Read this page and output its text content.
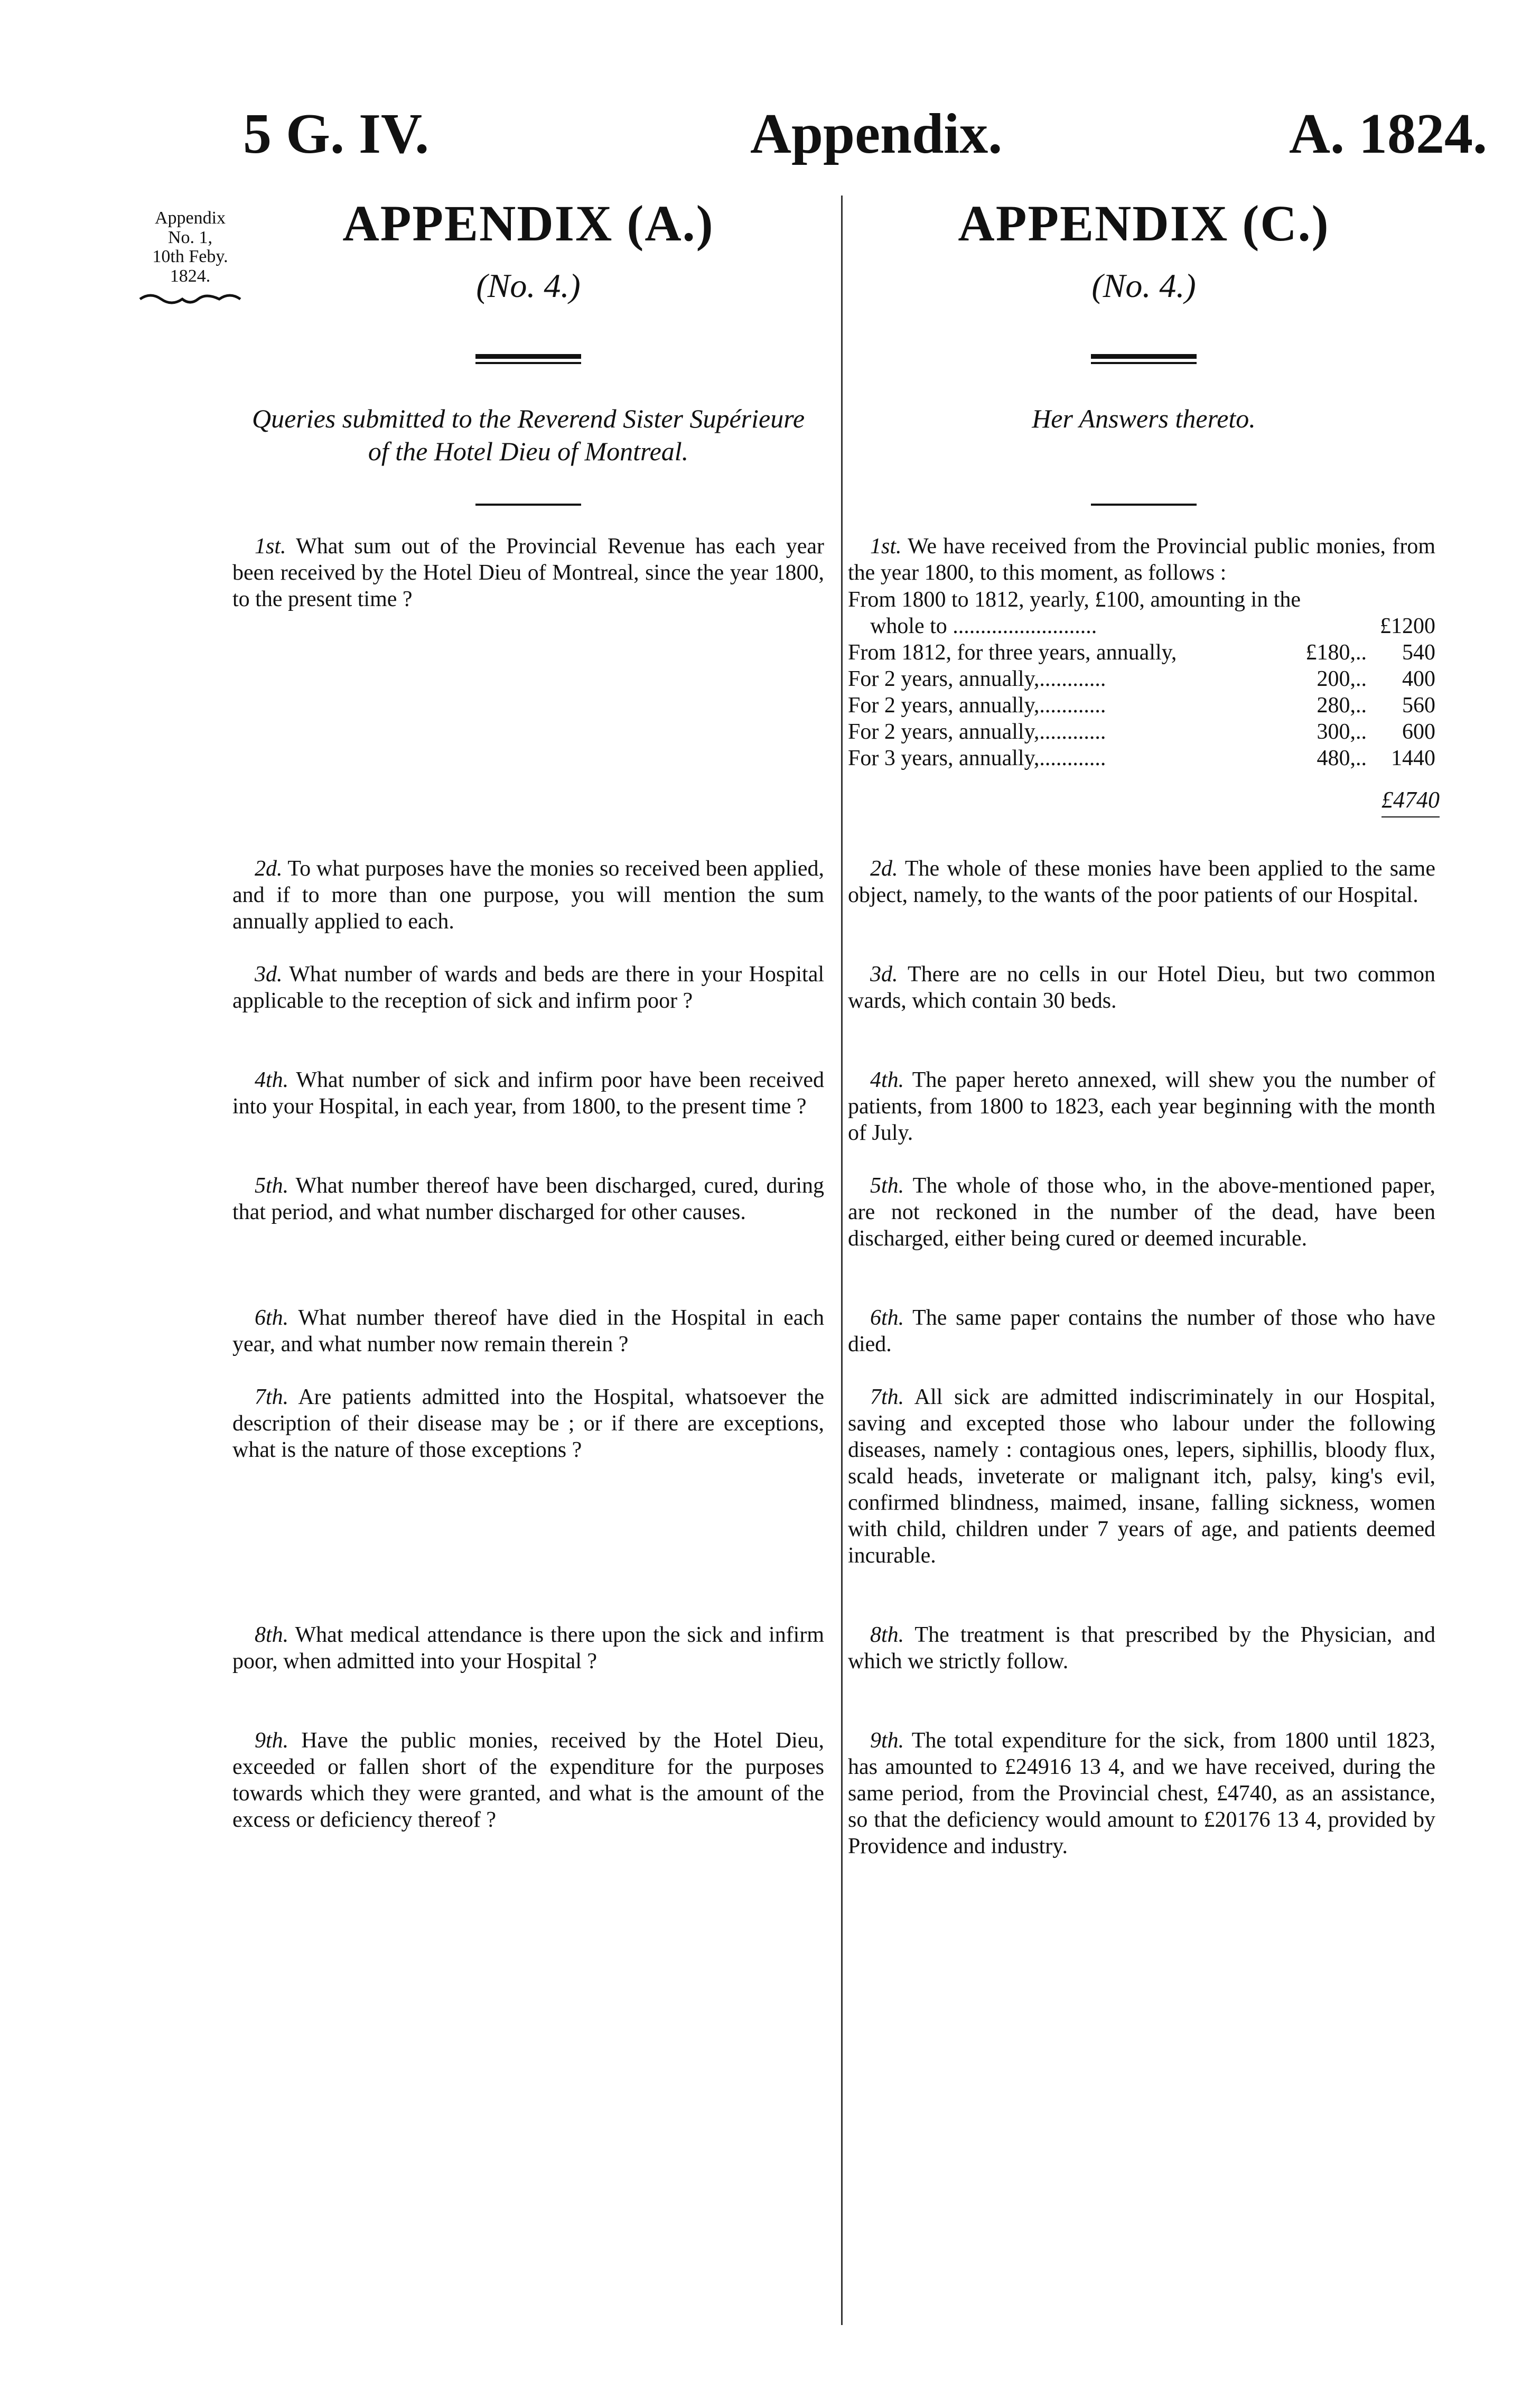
5 G. IV.	Appendix.	A. 1824.
Appendix
No. 1,
10th Feby.
1824.
APPENDIX (A.)
(No. 4.)
Queries submitted to the Reverend Sister Supérieure
of the Hotel Dieu of Montreal.

1st. What sum out of the Provincial Revenue has each year been received by the Hotel Dieu of Montreal, since the year 1800, to the present time ?

2d. To what purposes have the monies so received been applied, and if to more than one purpose, you will mention the sum annually applied to each.

3d. What number of wards and beds are there in your Hospital applicable to the reception of sick and infirm poor ?

4th. What number of sick and infirm poor have been received into your Hospital, in each year, from 1800, to the present time ?

5th. What number thereof have been discharged, cured, during that period, and what number discharged for other causes.

6th. What number thereof have died in the Hospital in each year, and what number now remain therein ?

7th. Are patients admitted into the Hospital, whatsoever the description of their disease may be ; or if there are exceptions, what is the nature of those exceptions ?

8th. What medical attendance is there upon the sick and infirm poor, when admitted into your Hospital ?

9th. Have the public monies, received by the Hotel Dieu, exceeded or fallen short of the expenditure for the purposes towards which they were granted, and what is the amount of the excess or deficiency thereof ?

APPENDIX (C.)
(No. 4.)
Her Answers thereto.

1st. We have received from the Provincial public monies, from the year 1800, to this moment, as follows :

From 1800 to 1812, yearly, £100, amounting in the		
whole to ..........................		£1200
From 1812, for three years, annually,	£180,..	540
For 2 years, annually,............	200,..	400
For 2 years, annually,............	280,..	560
For 2 years, annually,............	300,..	600
For 3 years, annually,............	480,..	1440
£4740

2d. The whole of these monies have been applied to the same object, namely, to the wants of the poor patients of our Hospital.

3d. There are no cells in our Hotel Dieu, but two common wards, which contain 30 beds.

4th. The paper hereto annexed, will shew you the number of patients, from 1800 to 1823, each year beginning with the month of July.

5th. The whole of those who, in the above-mentioned paper, are not reckoned in the number of the dead, have been discharged, either being cured or deemed incurable.

6th. The same paper contains the number of those who have died.

7th. All sick are admitted indiscriminately in our Hospital, saving and excepted those who labour under the following diseases, namely : contagious ones, lepers, siphillis, bloody flux, scald heads, inveterate or malignant itch, palsy, king's evil, confirmed blindness, maimed, insane, falling sickness, women with child, children under 7 years of age, and patients deemed incurable.

8th. The treatment is that prescribed by the Physician, and which we strictly follow.

9th. The total expenditure for the sick, from 1800 until 1823, has amounted to £24916 13 4, and we have received, during the same period, from the Provincial chest, £4740, as an assistance, so that the deficiency would amount to £20176 13 4, provided by Providence and industry.
